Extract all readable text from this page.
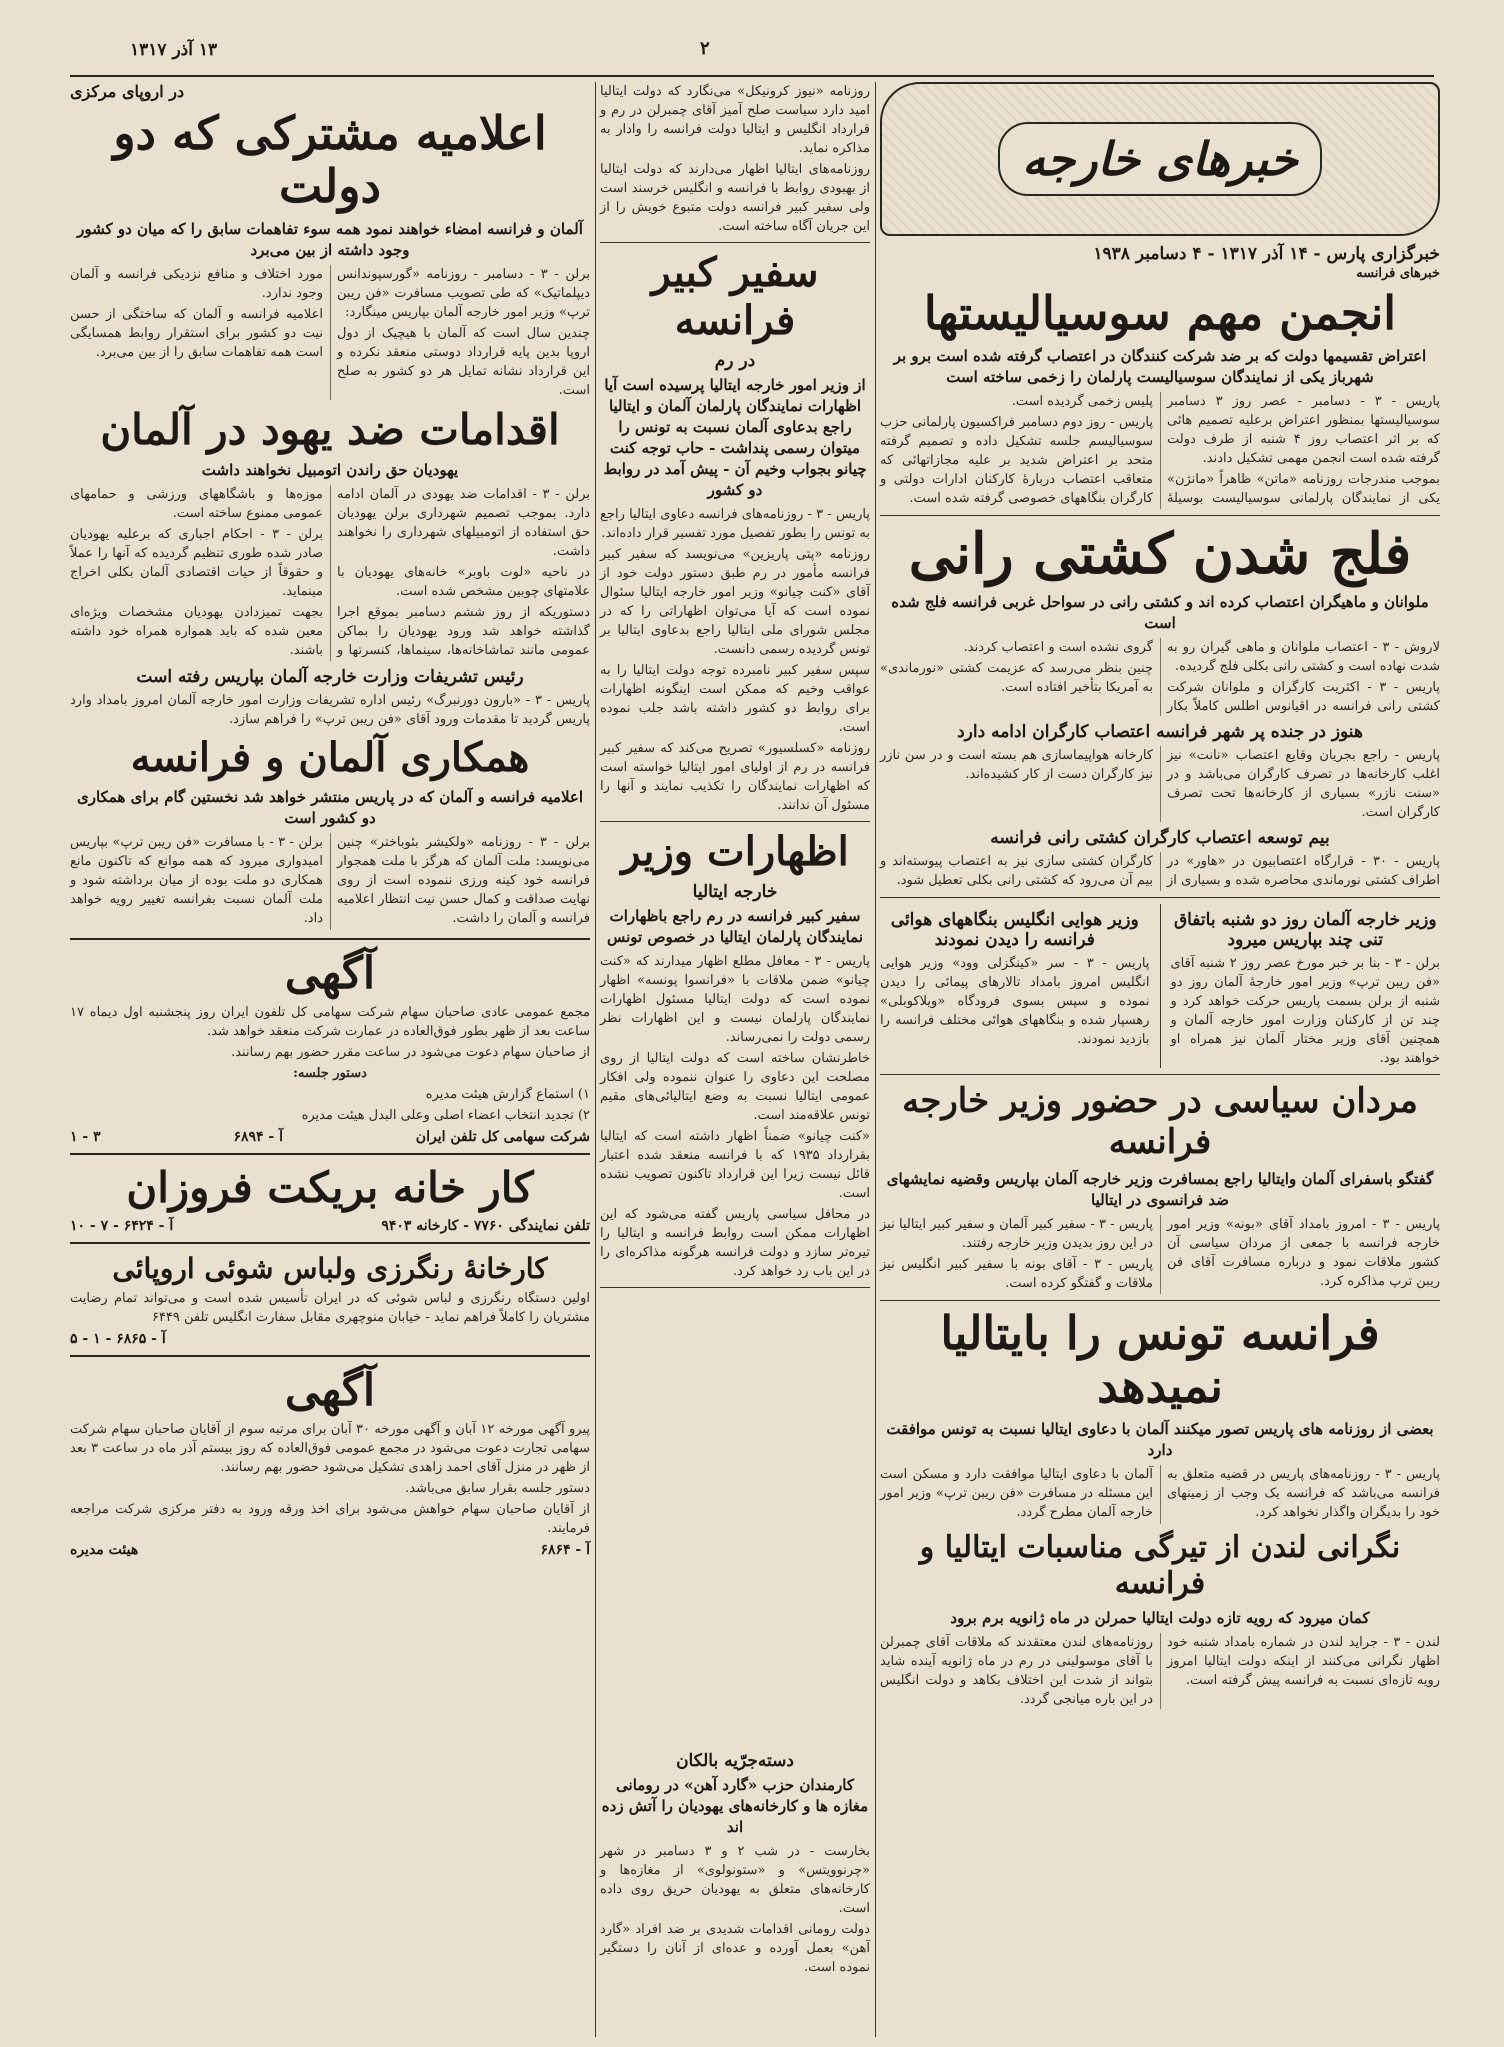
۱۳ آذر ۱۳۱۷	۲
خبرهای خارجه
خبرگزاری پارس - ۱۴ آذر ۱۳۱۷ - ۴ دسامبر ۱۹۳۸
خبرهای فرانسه
انجمن مهم سوسیالیستها
اعتراض تقسیمها دولت که بر ضد شرکت کنندگان در اعتصاب گرفته شده است برو بر شهرباز یکی از نمایندگان سوسیالیست پارلمان را زخمی ساخته است

پاریس - ۳ - دسامبر - عصر روز ۳ دسامبر سوسیالیستها بمنظور اعتراض برعلیه تصمیم هائی که بر اثر اعتصاب روز ۴ شنبه از طرف دولت گرفته شده است انجمن مهمی تشکیل دادند.

بموجب مندرجات روزنامه «ماتن» ظاهراً «مانژن» یکی از نمایندگان پارلمانی سوسیالیست بوسیلۀ پلیس زخمی گردیده است.

پاریس - روز دوم دسامبر فراکسیون پارلمانی حزب سوسیالیسم جلسه تشکیل داده و تصمیم گرفته متحد بر اعتراض شدید بر علیه مجازاتهائی که متعاقب اعتصاب دربارۀ کارکنان ادارات دولتی و کارگران بنگاههای خصوصی گرفته شده است.

فلج شدن کشتی رانی
ملوانان و ماهیگران اعتصاب کرده اند و کشتی رانی در سواحل غربی فرانسه فلج شده است

لاروش - ۳ - اعتصاب ملوانان و ماهی گیران رو به شدت نهاده است و کشتی رانی بکلی فلج گردیده.

پاریس - ۳ - اکثریت کارگران و ملوانان شرکت کشتی رانی فرانسه در اقیانوس اطلس کاملاً بکار گروی نشده است و اعتصاب کردند.

چنین بنظر می‌رسد که عزیمت کشتی «نورماندی» به آمریکا بتأخیر افتاده است.

هنوز در جنده پر شهر فرانسه اعتصاب کارگران ادامه دارد

پاریس - راجع بجریان وقایع اعتصاب «نانت» نیز اغلب کارخانه‌ها در تصرف کارگران می‌باشد و در «سنت نازر» بسیاری از کارخانه‌ها تحت تصرف کارگران است.

کارخانه هواپیماسازی هم بسته است و در سن نازر نیز کارگران دست از کار کشیده‌اند.

بیم توسعه اعتصاب کارگران کشتی رانی فرانسه

پاریس - ۳۰ - قرارگاه اعتصابیون در «هاور» در اطراف کشتی نورماندی محاصره شده و بسیاری از کارگران کشتی سازی نیز به اعتصاب پیوسته‌اند و بیم آن می‌رود که کشتی رانی بکلی تعطیل شود.

وزیر خارجه آلمان روز دو شنبه باتفاق تنی چند بپاریس میرود
برلن - ۳ - بنا بر خبر مورخ عصر روز ۲ شنبه آقای «فن ریبن ترپ» وزیر امور خارجۀ آلمان روز دو شنبه از برلن بسمت پاریس حرکت خواهد کرد و چند تن از کارکنان وزارت امور خارجه آلمان و همچنین آقای وزیر مختار آلمان نیز همراه او خواهند بود.
وزیر هوایی انگلیس بنگاههای هوائی فرانسه را دیدن نمودند
پاریس - ۳ - سر «کینگزلی وود» وزیر هوایی انگلیس امروز بامداد تالارهای پیمائی را دیدن نموده و سپس بسوی فرودگاه «ویلاکوبلی» رهسپار شده و بنگاههای هوائی مختلف فرانسه را بازدید نمودند.
مردان سیاسی در حضور وزیر خارجه فرانسه
گفتگو باسفرای آلمان وایتالیا راجع بمسافرت وزیر خارجه آلمان بپاریس وقضیه نمایشهای ضد فرانسوی در ایتالیا

پاریس - ۳ - امروز بامداد آقای «بونه» وزیر امور خارجه فرانسه با جمعی از مردان سیاسی آن کشور ملاقات نمود و درباره مسافرت آقای فن ریبن ترپ مذاکره کرد.

پاریس - ۳ - سفیر کبیر آلمان و سفیر کبیر ایتالیا نیز در این روز بدیدن وزیر خارجه رفتند.

پاریس - ۳ - آقای بونه با سفیر کبیر انگلیس نیز ملاقات و گفتگو کرده است.

فرانسه تونس را بایتالیا نمیدهد
بعضی از روزنامه های پاریس تصور میکنند آلمان با دعاوی ایتالیا نسبت به تونس موافقت دارد

پاریس - ۳ - روزنامه‌های پاریس در قضیه متعلق به فرانسه می‌باشد که فرانسه یک وجب از زمینهای خود را بدیگران واگذار نخواهد کرد.

آلمان با دعاوی ایتالیا موافقت دارد و مسکن است این مسئله در مسافرت «فن ریبن ترپ» وزیر امور خارجه آلمان مطرح گردد.

نگرانی لندن از تیرگی مناسبات ایتالیا و فرانسه
کمان میرود که رویه تازه دولت ایتالیا حمرلن در ماه ژانویه برم برود

لندن - ۳ - جراید لندن در شماره بامداد شنبه خود اظهار نگرانی می‌کنند از اینکه دولت ایتالیا امروز رویه تازه‌ای نسبت به فرانسه پیش گرفته است.

روزنامه‌های لندن معتقدند که ملاقات آقای چمبرلن با آقای موسولینی در رم در ماه ژانویه آینده شاید بتواند از شدت این اختلاف بکاهد و دولت انگلیس در این باره میانجی گردد.

روزنامه «نیوز کرونیکل» می‌نگارد که دولت ایتالیا امید دارد سیاست صلح آمیز آقای چمبرلن در رم و قرارداد انگلیس و ایتالیا دولت فرانسه را وادار به مذاکره نماید.

روزنامه‌های ایتالیا اظهار می‌دارند که دولت ایتالیا از بهبودی روابط با فرانسه و انگلیس خرسند است ولی سفیر کبیر فرانسه دولت متبوع خویش را از این جریان آگاه ساخته است.

سفیر کبیر فرانسه
در رم
از وزیر امور خارجه ایتالیا پرسیده است آیا اظهارات نمایندگان پارلمان آلمان و ایتالیا راجع بدعاوی آلمان نسبت به تونس را میتوان رسمی پنداشت - حاب توجه کنت چیانو بجواب وخیم آن - پیش آمد در روابط دو کشور

پاریس - ۳ - روزنامه‌های فرانسه دعاوی ایتالیا راجع به تونس را بطور تفصیل مورد تفسیر قرار داده‌اند.

روزنامه «پتی پاریزین» می‌نویسد که سفیر کبیر فرانسه مأمور در رم طبق دستور دولت خود از آقای «کنت چیانو» وزیر امور خارجه ایتالیا سئوال نموده است که آیا می‌توان اظهاراتی را که در مجلس شورای ملی ایتالیا راجع بدعاوی ایتالیا بر تونس گردیده رسمی دانست.

سپس سفیر کبیر نامبرده توجه دولت ایتالیا را به عواقب وخیم که ممکن است اینگونه اظهارات برای روابط دو کشور داشته باشد جلب نموده است.

روزنامه «کسلسیور» تصریح می‌کند که سفیر کبیر فرانسه در رم از اولیای امور ایتالیا خواسته است که اظهارات نمایندگان را تکذیب نمایند و آنها را مسئول آن ندانند.

اظهارات وزیر
خارجه ایتالیا
سفیر کبیر فرانسه در رم راجع باظهارات نمایندگان پارلمان ایتالیا در خصوص تونس

پاریس - ۳ - معافل مطلع اظهار میدارند که «کنت چیانو» ضمن ملاقات با «فرانسوا پونسه» اظهار نموده است که دولت ایتالیا مسئول اظهارات نمایندگان پارلمان نیست و این اظهارات نظر رسمی دولت را نمی‌رساند.

خاطرنشان ساخته است که دولت ایتالیا از روی مصلحت این دعاوی را عنوان ننموده ولی افکار عمومی ایتالیا نسبت به وضع ایتالیائی‌های مقیم تونس علاقه‌مند است.

«کنت چیانو» ضمناً اظهار داشته است که ایتالیا بقرارداد ۱۹۳۵ که با فرانسه منعقد شده اعتبار قائل نیست زیرا این قرارداد تاکنون تصویب نشده است.

در محافل سیاسی پاریس گفته می‌شود که این اظهارات ممکن است روابط فرانسه و ایتالیا را تیره‌تر سازد و دولت فرانسه هرگونه مذاکره‌ای را در این باب رد خواهد کرد.

دسته‌جرّیه بالکان
کارمندان حزب «گارد آهن» در رومانی مغازه ها و کارخانه‌های یهودیان را آتش زده اند

بخارست - در شب ۲ و ۳ دسامبر در شهر «چرنوویتس» و «ستونولوی» از مغازه‌ها و کارخانه‌های متعلق به یهودیان حریق روی داده است.

دولت رومانی اقدامات شدیدی بر ضد افراد «گارد آهن» بعمل آورده و عده‌ای از آنان را دستگیر نموده است.

در اروپای مرکزی
اعلامیه مشترکی که دو دولت
آلمان و فرانسه امضاء خواهند نمود همه سوء تفاهمات سابق را که میان دو کشور وجود داشته از بین می‌برد

برلن - ۳ - دسامبر - روزنامه «گورسپوندانس دیپلماتیک» که طی تصویب مسافرت «فن ریبن ترپ» وزیر امور خارجه آلمان بپاریس مینگارد:

چندین سال است که آلمان با هیچیک از دول اروپا بدین پایه قرارداد دوستی منعقد نکرده و این قرارداد نشانه تمایل هر دو کشور به صلح است.

مورد اختلاف و منافع نزدیکی فرانسه و آلمان وجود ندارد.

اعلامیه فرانسه و آلمان که ساختگی از حسن نیت دو کشور برای استقرار روابط همسایگی است همه تفاهمات سابق را از بین می‌برد.

اقدامات ضد یهود در آلمان
یهودیان حق راندن اتومبیل نخواهند داشت

برلن - ۳ - اقدامات ضد یهودی در آلمان ادامه دارد. بموجب تصمیم شهرداری برلن یهودیان حق استفاده از اتومبیلهای شهرداری را نخواهند داشت.

در ناحیه «لوت باوبر» خانه‌های یهودیان با علامتهای چوبین مشخص شده است.

دستوریکه از روز ششم دسامبر بموقع اجرا گذاشته خواهد شد ورود یهودیان را بماکن عمومی مانند تماشاخانه‌ها، سینماها، کنسرتها و موزه‌ها و باشگاههای ورزشی و حمامهای عمومی ممنوع ساخته است.

برلن - ۳ - احکام اجباری که برعلیه یهودیان صادر شده طوری تنظیم گردیده که آنها را عملاً و حقوقاً از حیات اقتصادی آلمان بکلی اخراج مینماید.

بجهت تمیزدادن یهودیان مشخصات ویژه‌ای معین شده که باید همواره همراه خود داشته باشند.

رئیس تشریفات وزارت خارجه آلمان بپاریس رفته است
پاریس - ۳ - «بارون دورنبرگ» رئیس اداره تشریفات وزارت امور خارجه آلمان امروز بامداد وارد پاریس گردید تا مقدمات ورود آقای «فن ریبن ترپ» را فراهم سازد.
همکاری آلمان و فرانسه
اعلامیه فرانسه و آلمان که در پاریس منتشر خواهد شد نخستین گام برای همکاری دو کشور است

برلن - ۳ - روزنامه «ولکیشر بئوباختر» چنین می‌نویسد: ملت آلمان که هرگز با ملت همجوار فرانسه خود کینه ورزی ننموده است از روی نهایت صداقت و کمال حسن نیت انتظار اعلامیه فرانسه و آلمان را داشت.

برلن - ۳ - با مسافرت «فن ریبن ترپ» بپاریس امیدواری میرود که همه موانع که تاکنون مانع همکاری دو ملت بوده از میان برداشته شود و ملت آلمان نسبت بفرانسه تغییر رویه خواهد داد.

آگهی

مجمع عمومی عادی صاحبان سهام شرکت سهامی کل تلفون ایران روز پنجشنبه اول دیماه ۱۷ ساعت بعد از ظهر بطور فوق‌العاده در عمارت شرکت منعقد خواهد شد.

از صاحبان سهام دعوت می‌شود در ساعت مقرر حضور بهم رسانند.

دستور جلسه:

۱) استماع گزارش هیئت مدیره

۲) تجدید انتخاب اعضاء اصلی وعلی البدل هیئت مدیره

شرکت سهامی کل تلفن ایران
آ - ۶۸۹۴
۳ - ۱
کار خانه بریکت فروزان
تلفن نمایندگی ۷۷۶۰ - کارخانه ۹۴۰۳
آ - ۶۴۲۴ - ۷ - ۱۰
کارخانۀ رنگرزی ولباس شوئی اروپائی
اولین دستگاه رنگرزی و لباس شوئی که در ایران تأسیس شده است و می‌تواند تمام رضایت مشتریان را کاملاً فراهم نماید - خیابان منوچهری مقابل سفارت انگلیس تلفن ۶۴۴۹
آ - ۶۸۶۵ - ۱ - ۵
آگهی

پیرو آگهی مورخه ۱۲ آبان و آگهی مورخه ۳۰ آبان برای مرتبه سوم از آقایان صاحبان سهام شرکت سهامی تجارت دعوت می‌شود در مجمع عمومی فوق‌العاده که روز بیستم آذر ماه در ساعت ۳ بعد از ظهر در منزل آقای احمد زاهدی تشکیل می‌شود حضور بهم رسانند.

دستور جلسه بقرار سابق می‌باشد.

از آقایان صاحبان سهام خواهش می‌شود برای اخذ ورقه ورود به دفتر مرکزی شرکت مراجعه فرمایند.

آ - ۶۸۶۴
هیئت مدیره
